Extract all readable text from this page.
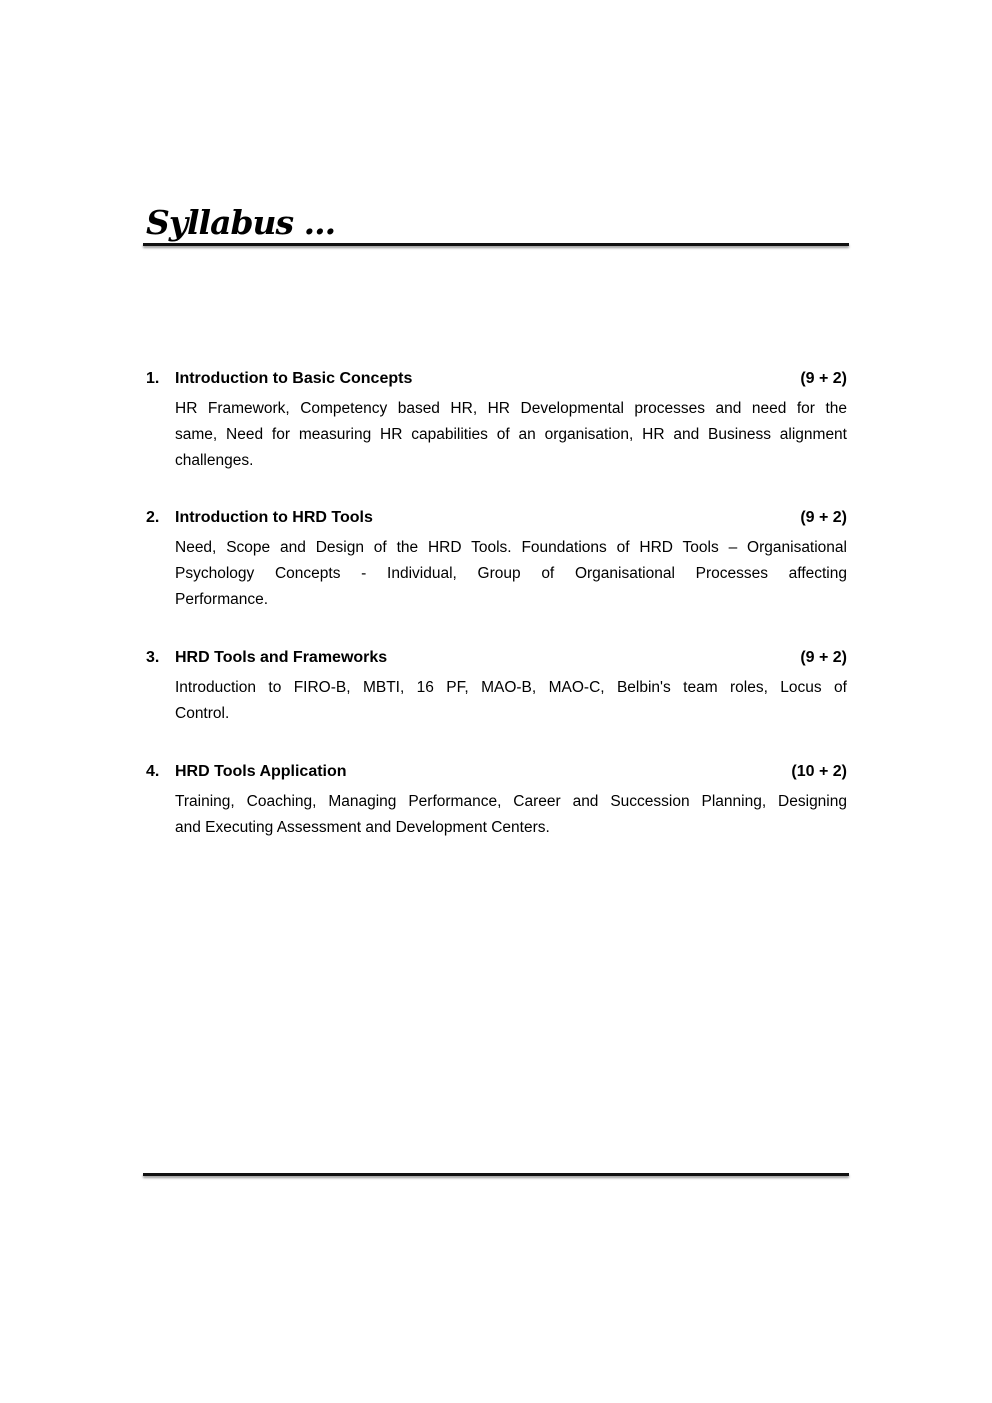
Syllabus ...
1. Introduction to Basic Concepts	(9 + 2)
HR Framework, Competency based HR, HR Developmental processes and need for the
same, Need for measuring HR capabilities of an organisation, HR and Business alignment
challenges.
2. Introduction to HRD Tools	(9 + 2)
Need, Scope and Design of the HRD Tools. Foundations of HRD Tools – Organisational
Psychology Concepts - Individual, Group of Organisational Processes affecting
Performance.
3. HRD Tools and Frameworks	(9 + 2)
Introduction to FIRO-B, MBTI, 16 PF, MAO-B, MAO-C, Belbin's team roles, Locus of
Control.
4. HRD Tools Application	(10 + 2)
Training, Coaching, Managing Performance, Career and Succession Planning, Designing
and Executing Assessment and Development Centers.
